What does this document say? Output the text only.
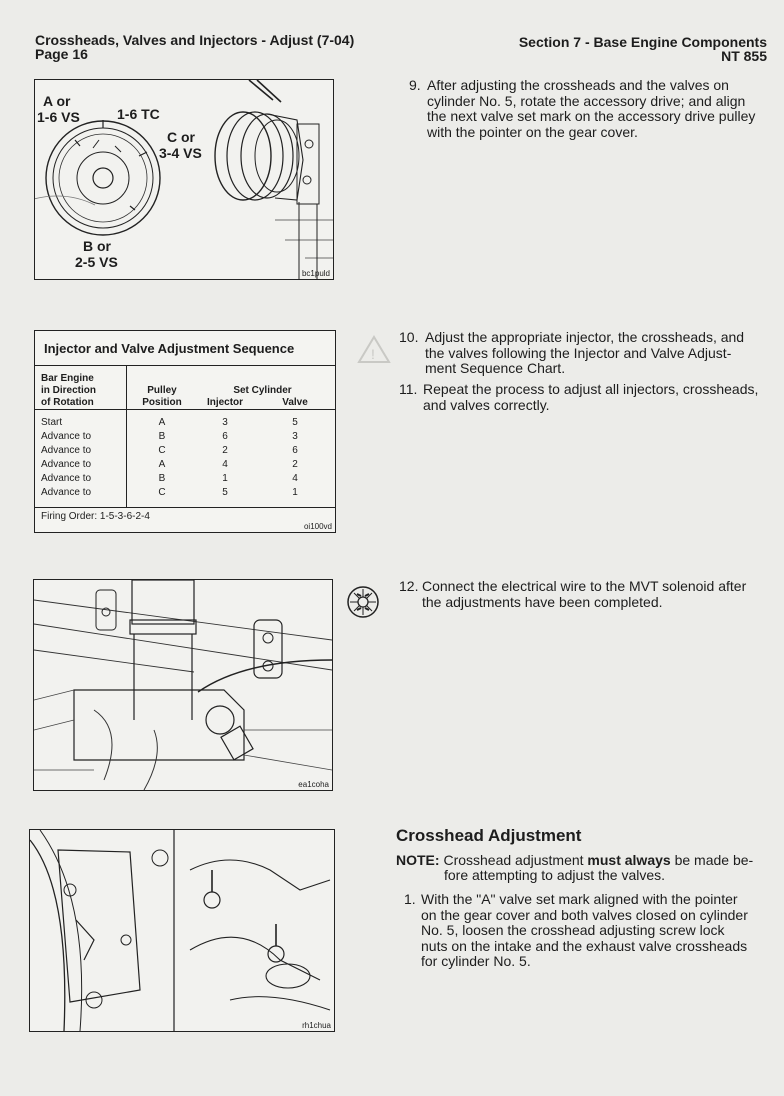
Crossheads, Valves and Injectors - Adjust (7-04)
Page 16
Section 7 - Base Engine Components
NT 855
A or
1-6 VS	1-6 TC
C or
3-4 VS
B or
2-5 VS
bc1puld
Injector and Valve Adjustment Sequence
Bar Engine
in Direction
of Rotation
Pulley
Position
Set Cylinder
Injector	Valve
Start	A	3	5
Advance to	B	6	3
Advance to	C	2	6
Advance to	A	4	2
Advance to	B	1	4
Advance to	C	5	1
Firing Order: 1-5-3-6-2-4
oi100vd
ea1coha
rh1chua
9. After adjusting the crossheads and the valves on
cylinder No. 5, rotate the accessory drive; and align
the next valve set mark on the accessory drive pulley
with the pointer on the gear cover.
!
10. Adjust the appropriate injector, the crossheads, and
the valves following the Injector and Valve Adjust-
ment Sequence Chart.
11. Repeat the process to adjust all injectors, crossheads,
and valves correctly.
12. Connect the electrical wire to the MVT solenoid after
the adjustments have been completed.
Crosshead Adjustment
NOTE: Crosshead adjustment must always be made be-
fore attempting to adjust the valves.
1. With the "A" valve set mark aligned with the pointer
on the gear cover and both valves closed on cylinder
No. 5, loosen the crosshead adjusting screw lock
nuts on the intake and the exhaust valve crossheads
for cylinder No. 5.
